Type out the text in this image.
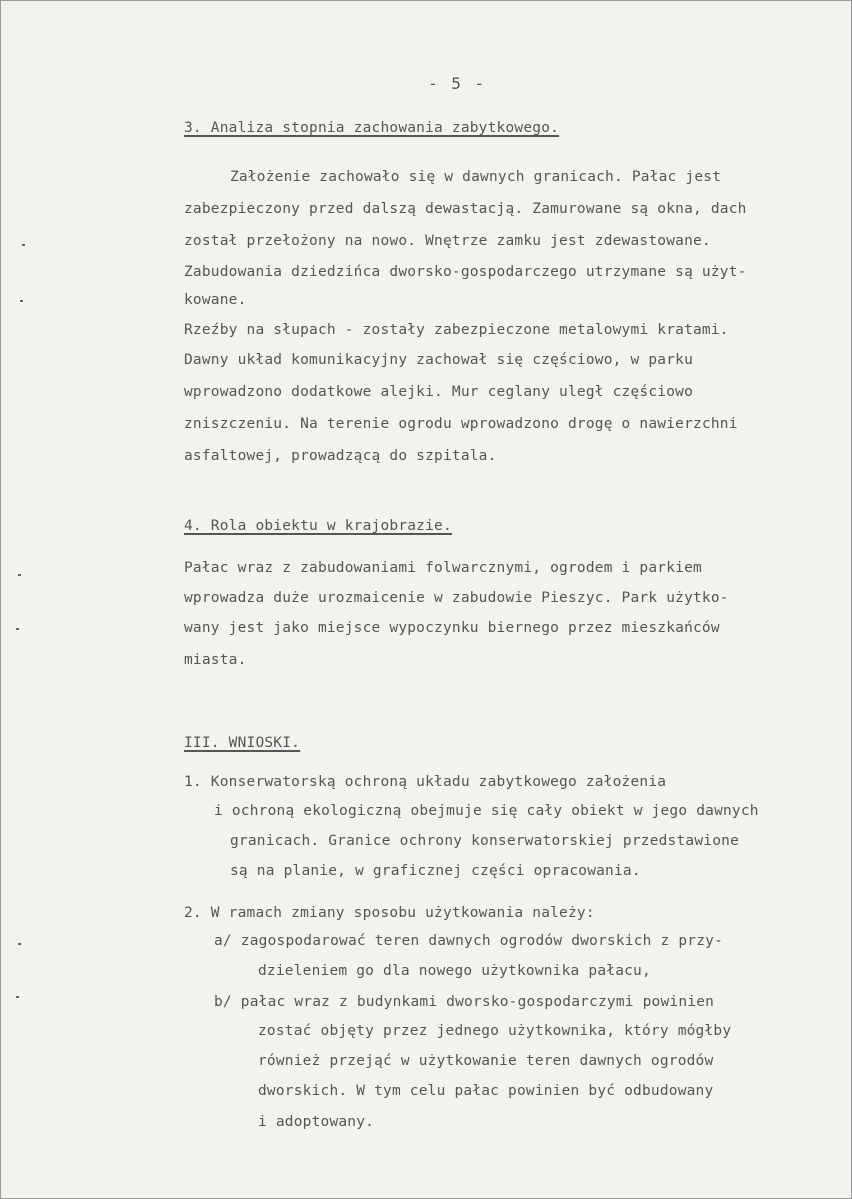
- 5 -
3. Analiza stopnia zachowania zabytkowego.
Założenie zachowało się w dawnych granicach. Pałac jest
zabezpieczony przed dalszą dewastacją. Zamurowane są okna, dach
został przełożony na nowo. Wnętrze zamku jest zdewastowane.
Zabudowania dziedzińca dworsko-gospodarczego utrzymane są użyt-
kowane.
Rzeźby na słupach - zostały zabezpieczone metalowymi kratami.
Dawny układ komunikacyjny zachował się częściowo, w parku
wprowadzono dodatkowe alejki. Mur ceglany uległ częściowo
zniszczeniu. Na terenie ogrodu wprowadzono drogę o nawierzchni
asfaltowej, prowadzącą do szpitala.
4. Rola obiektu w krajobrazie.
Pałac wraz z zabudowaniami folwarcznymi, ogrodem i parkiem
wprowadza duże urozmaicenie w zabudowie Pieszyc. Park użytko-
wany jest jako miejsce wypoczynku biernego przez mieszkańców
miasta.
III. WNIOSKI.
1. Konserwatorską ochroną układu zabytkowego założenia
i ochroną ekologiczną obejmuje się cały obiekt w jego dawnych
granicach. Granice ochrony konserwatorskiej przedstawione
są na planie, w graficznej części opracowania.
2. W ramach zmiany sposobu użytkowania należy:
a/ zagospodarować teren dawnych ogrodów dworskich z przy-
dzieleniem go dla nowego użytkownika pałacu,
b/ pałac wraz z budynkami dworsko-gospodarczymi powinien
zostać objęty przez jednego użytkownika, który mógłby
również przejąć w użytkowanie teren dawnych ogrodów
dworskich. W tym celu pałac powinien być odbudowany
i adoptowany.
